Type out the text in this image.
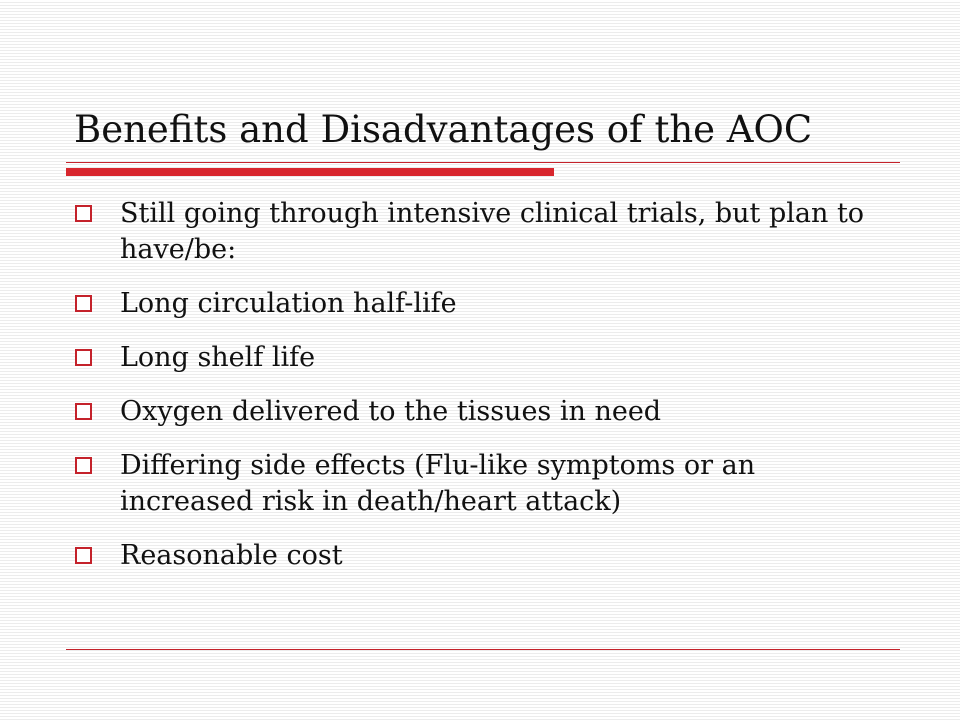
Benefits and Disadvantages of the AOC
Still going through intensive clinical trials, but plan to have/be:
Long circulation half-life
Long shelf life
Oxygen delivered to the tissues in need
Differing side effects (Flu-like symptoms or an increased risk in death/heart attack)
Reasonable cost
